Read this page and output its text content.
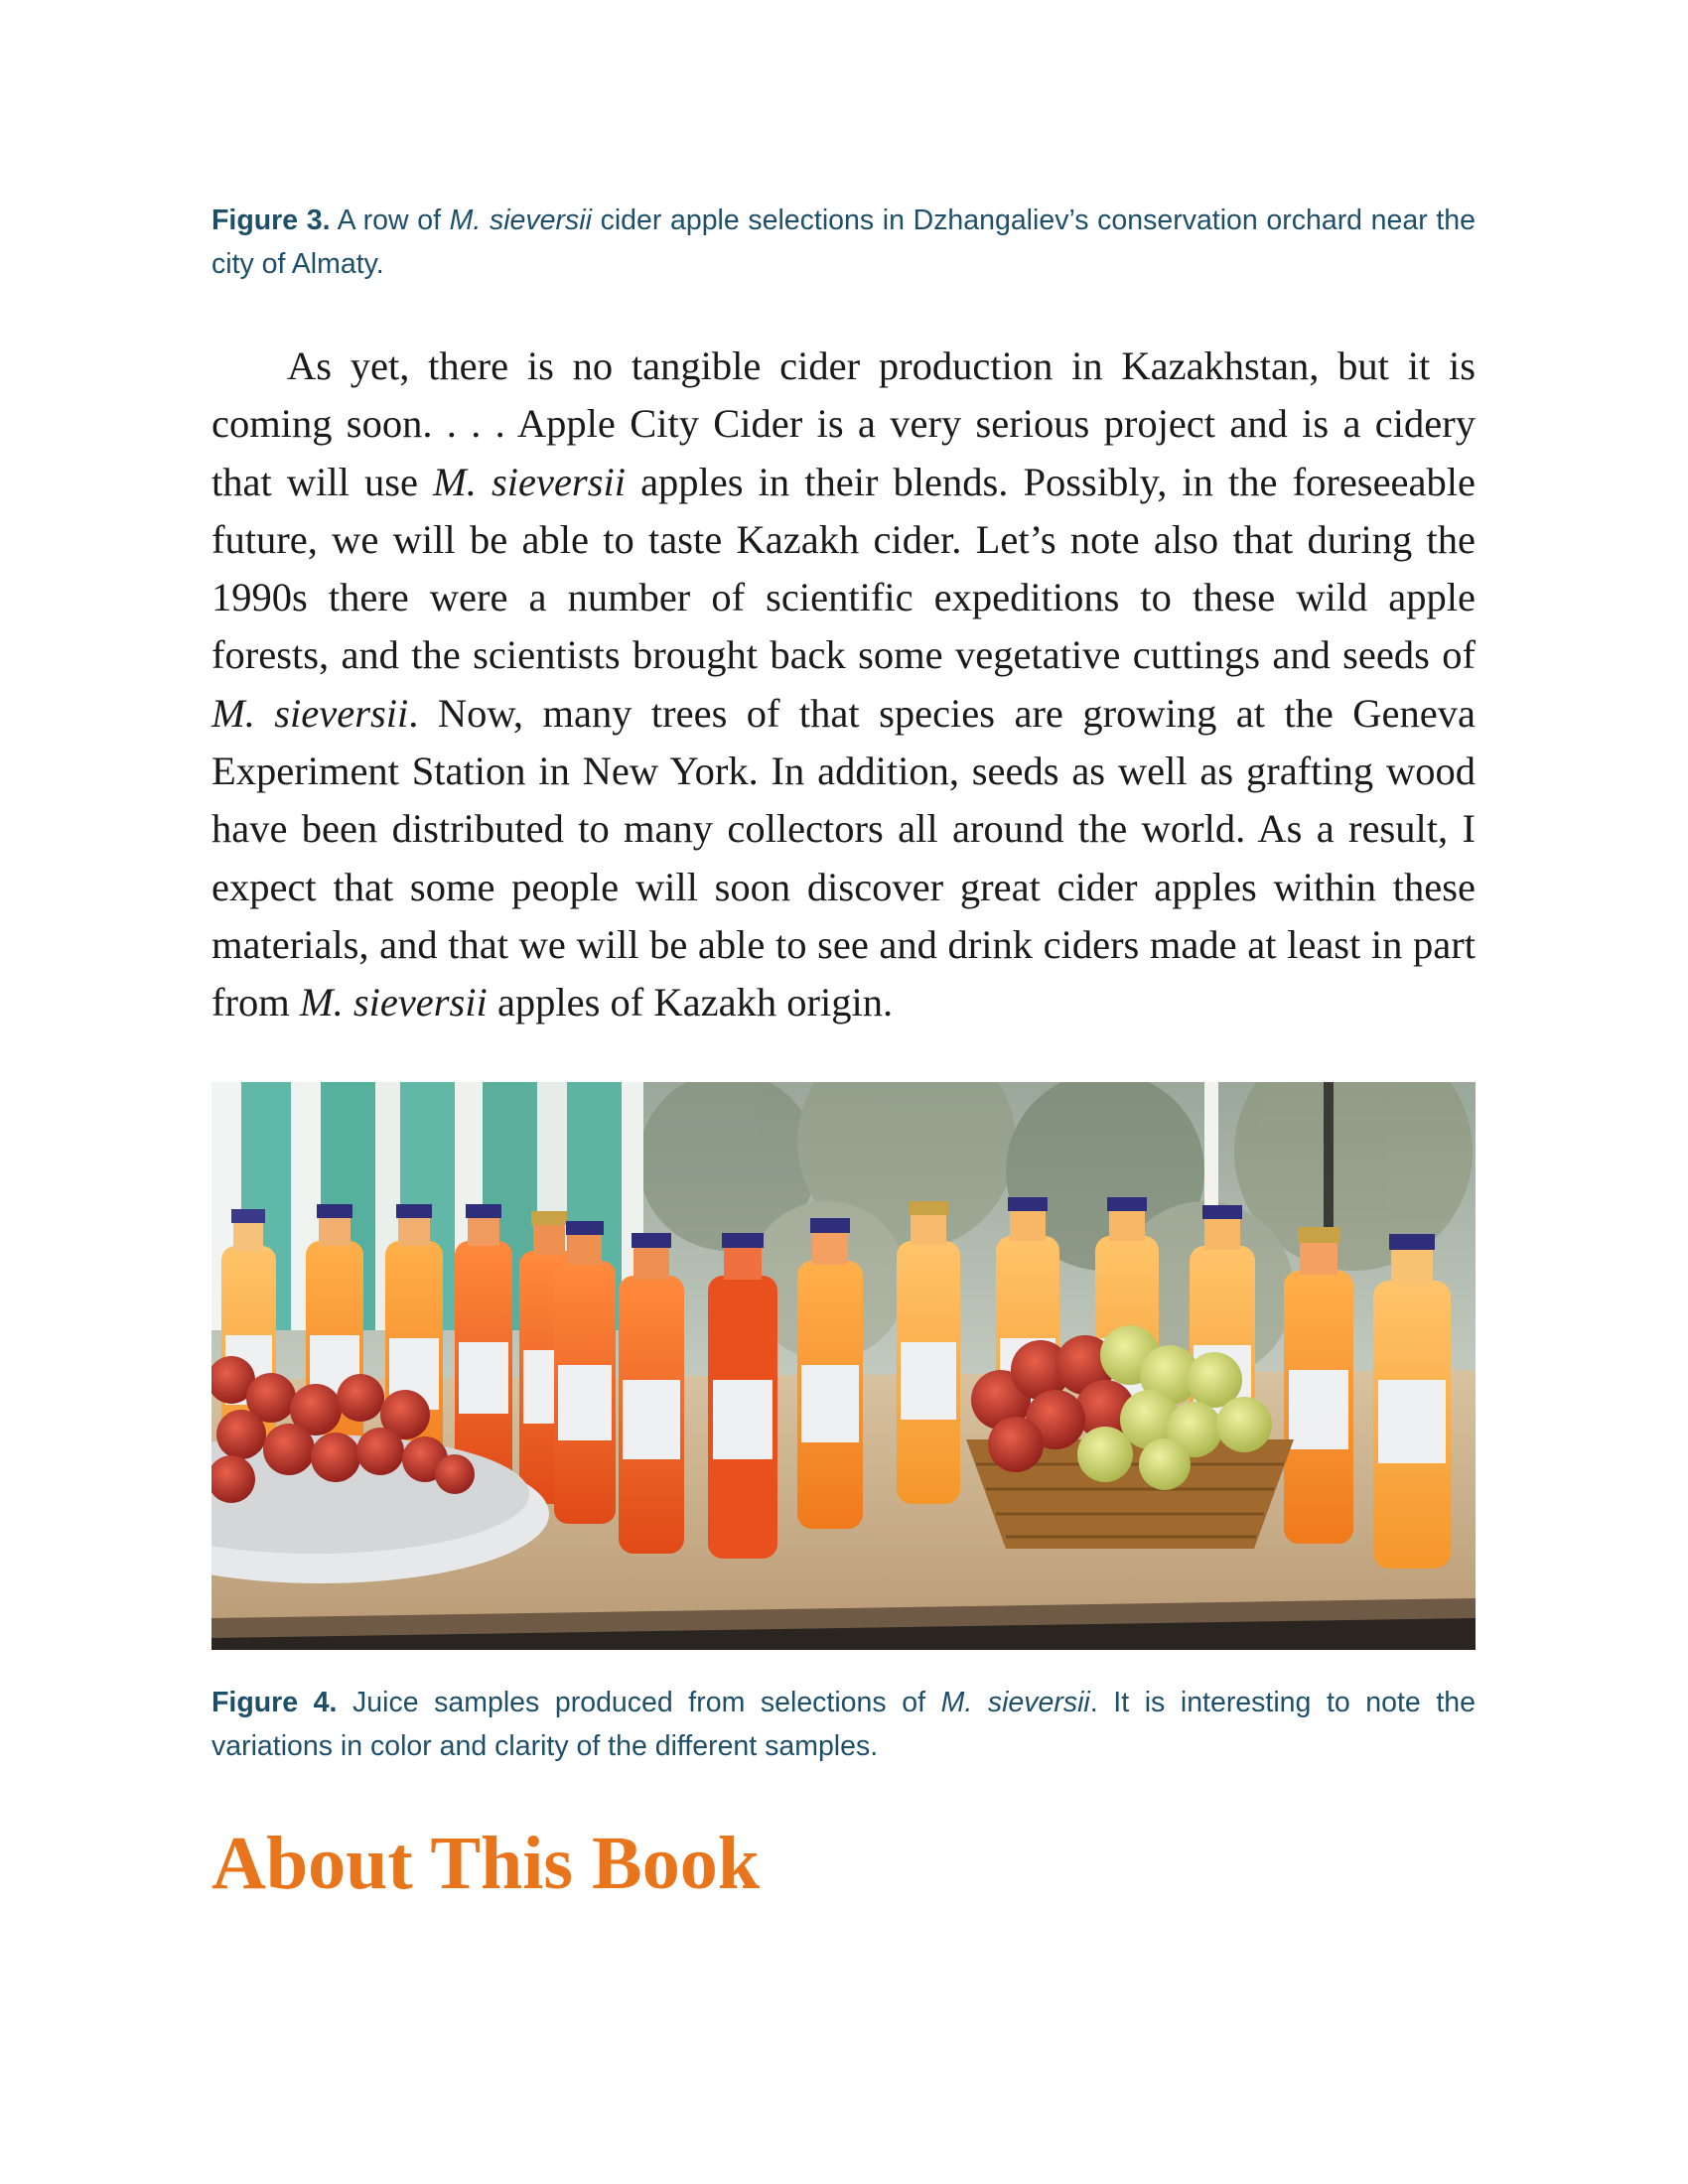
Figure 3. A row of M. sieversii cider apple selections in Dzhangaliev’s conservation orchard near the city of Almaty.

As yet, there is no tangible cider production in Kazakhstan, but it is coming soon. . . . Apple City Cider is a very serious project and is a cidery that will use M. sieversii apples in their blends. Possibly, in the foreseeable future, we will be able to taste Kazakh cider. Let’s note also that during the 1990s there were a number of scientific expeditions to these wild apple forests, and the scientists brought back some vegetative cuttings and seeds of M. sieversii. Now, many trees of that species are growing at the Geneva Experiment Station in New York. In addition, seeds as well as grafting wood have been distributed to many collectors all around the world. As a result, I expect that some people will soon discover great cider apples within these materials, and that we will be able to see and drink ciders made at least in part from M. sieversii apples of Kazakh origin.

Figure 4. Juice samples produced from selections of M. sieversii. It is interesting to note the variations in color and clarity of the different samples.

About This Book
